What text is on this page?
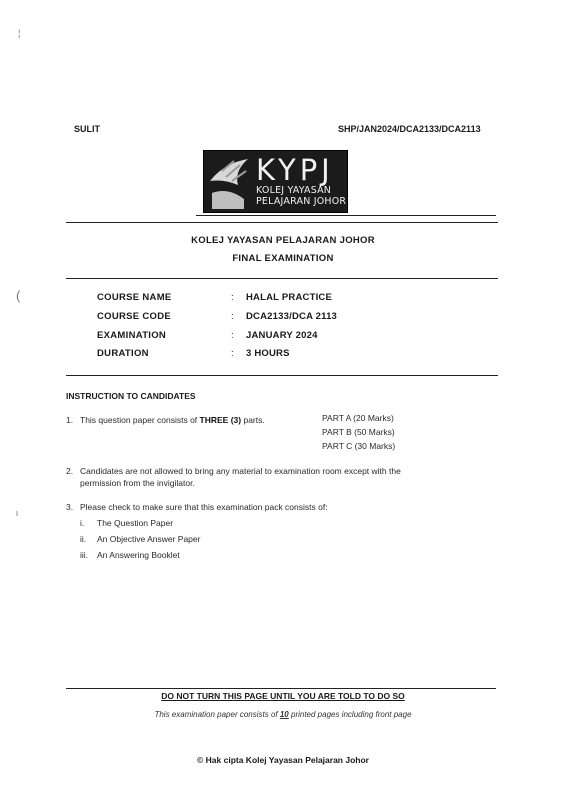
¦
(
ι
SULIT	SHP/JAN2024/DCA2133/DCA2113
KYPJ
KOLEJ YAYASAN
PELAJARAN JOHOR
KOLEJ YAYASAN PELAJARAN JOHOR
FINAL EXAMINATION
COURSE NAME	: HALAL PRACTICE
COURSE CODE	: DCA2133/DCA 2113
EXAMINATION	: JANUARY 2024
DURATION	: 3 HOURS
INSTRUCTION TO CANDIDATES
1. This question paper consists of THREE (3) parts.	PART A (20 Marks)
PART B (50 Marks)
PART C (30 Marks)
2. Candidates are not allowed to bring any material to examination room except with the
permission from the invigilator.
3. Please check to make sure that this examination pack consists of:
i. The Question Paper
ii. An Objective Answer Paper
iii. An Answering Booklet
DO NOT TURN THIS PAGE UNTIL YOU ARE TOLD TO DO SO
This examination paper consists of 10 printed pages including front page
© Hak cipta Kolej Yayasan Pelajaran Johor
